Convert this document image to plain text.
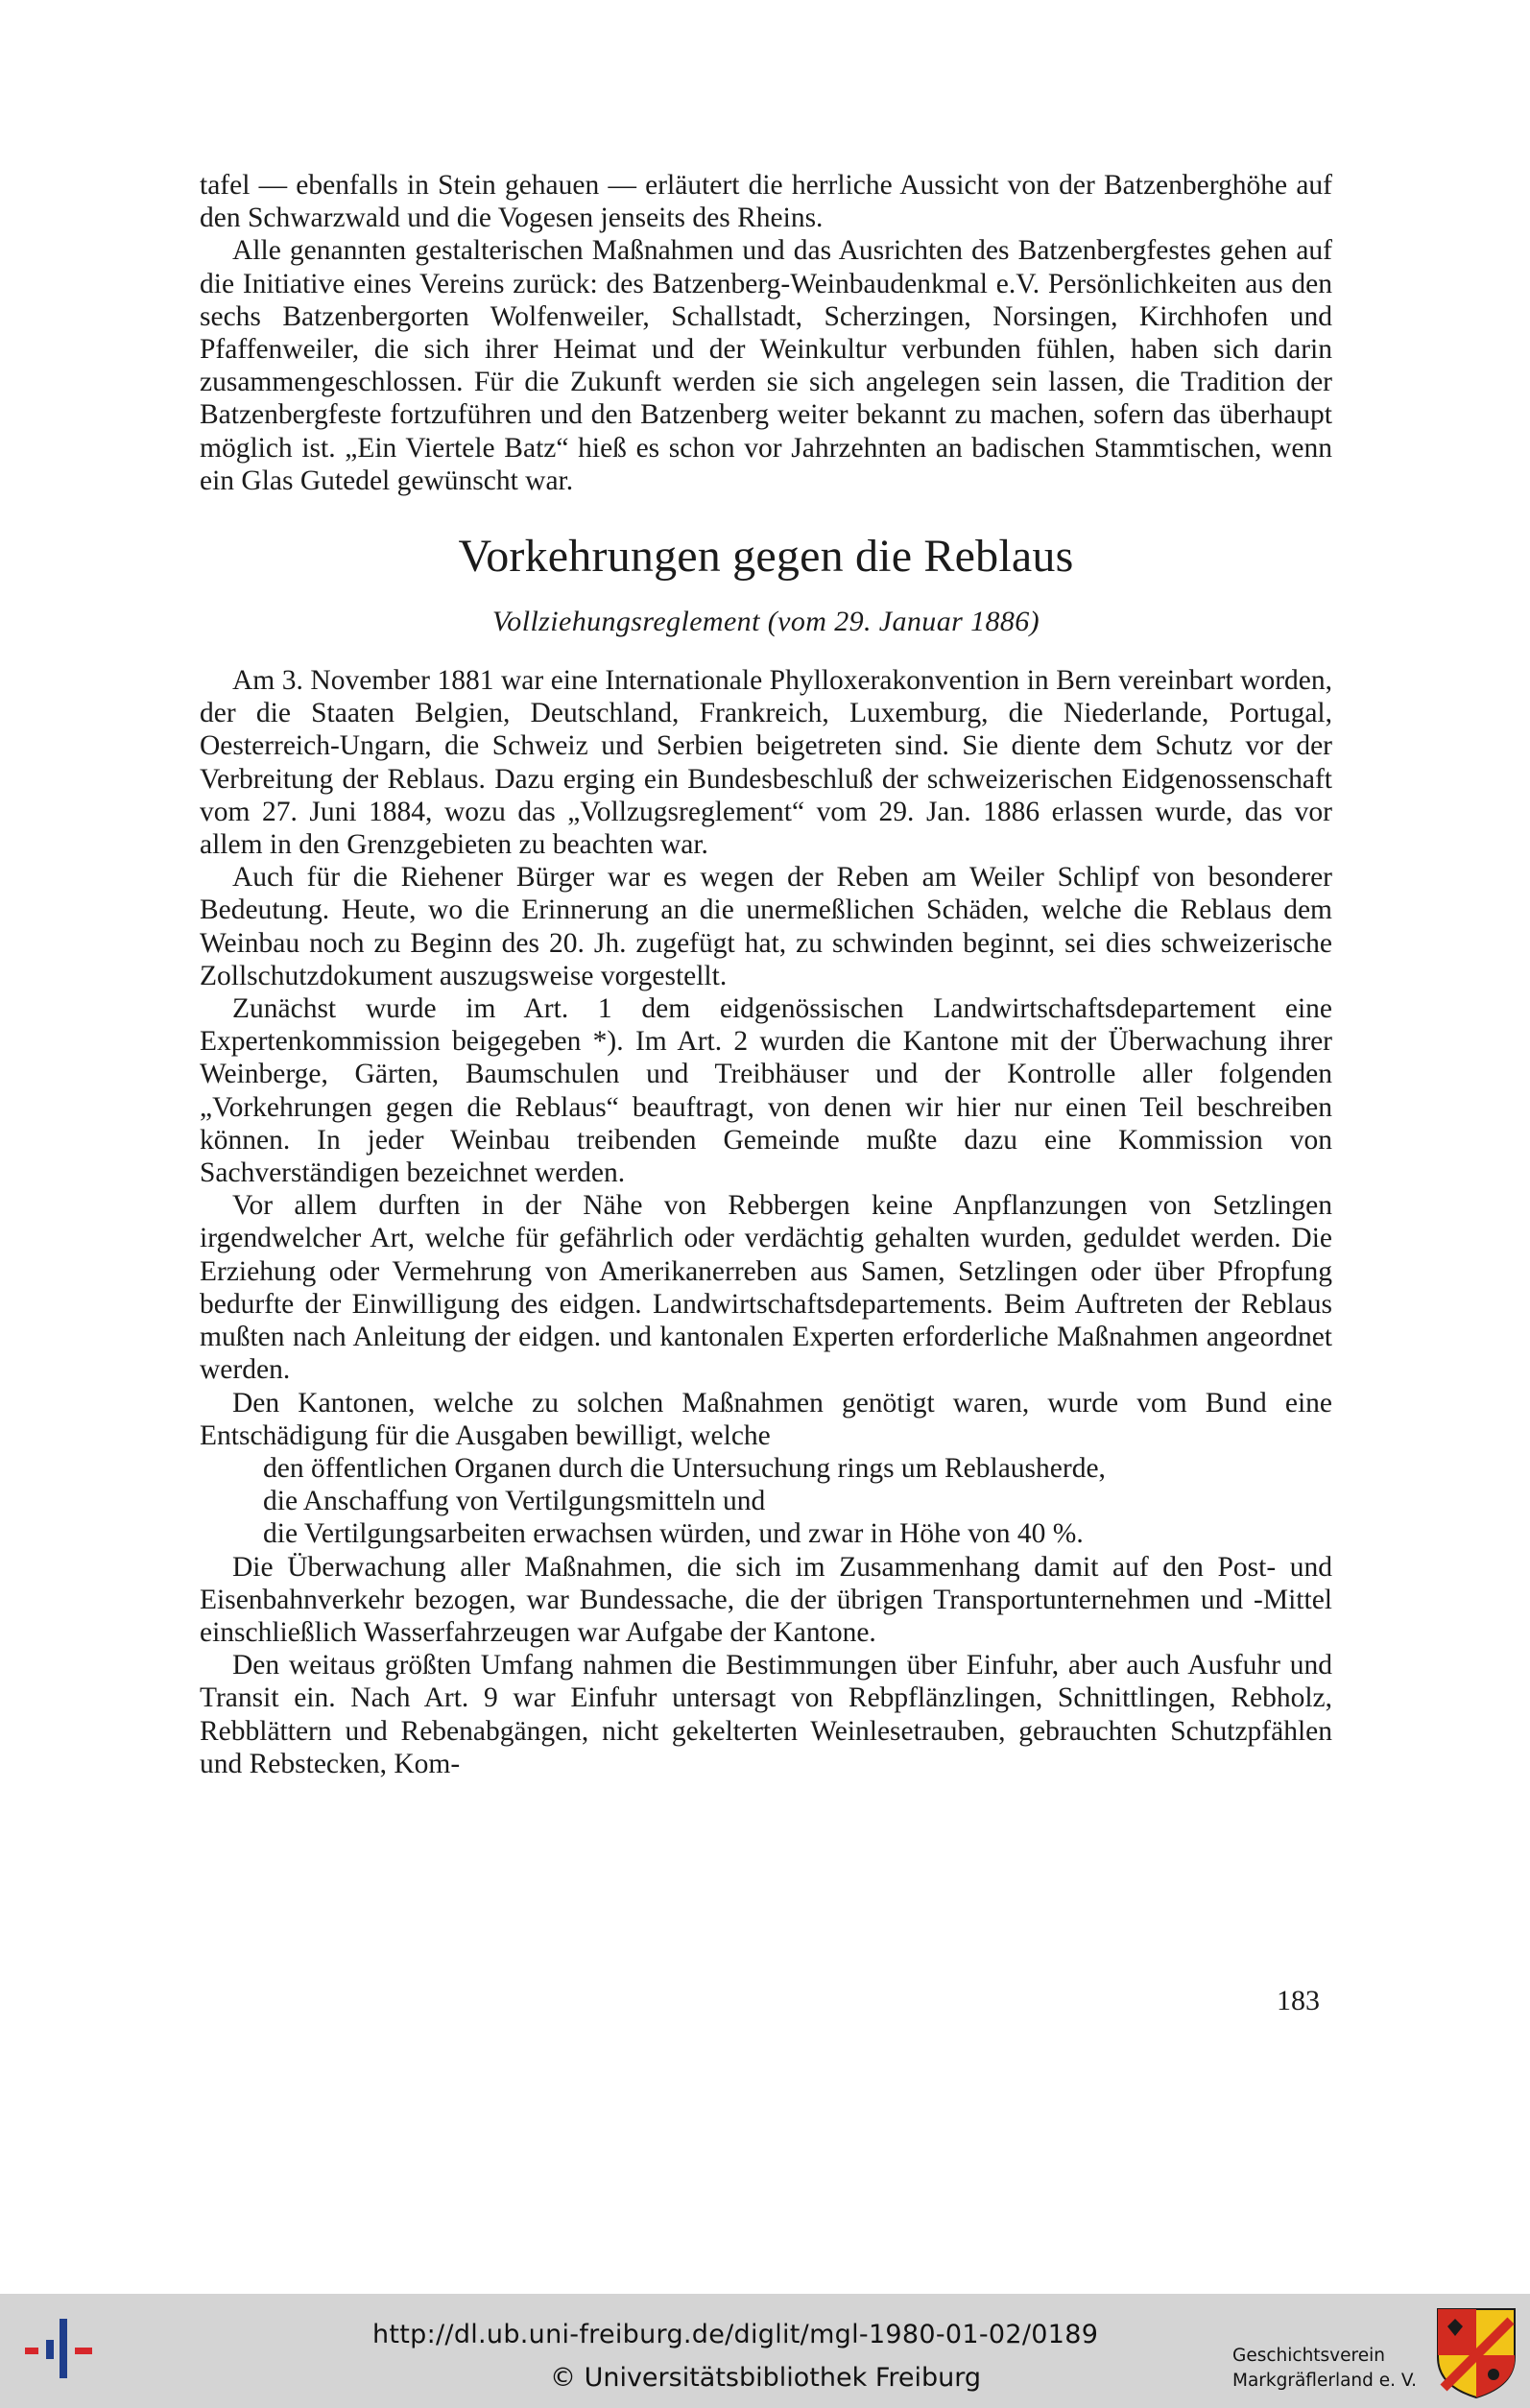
tafel — ebenfalls in Stein gehauen — erläutert die herrliche Aussicht von der Batzenberghöhe auf den Schwarzwald und die Vogesen jenseits des Rheins.

Alle genannten gestalterischen Maßnahmen und das Ausrichten des Batzenbergfestes gehen auf die Initiative eines Vereins zurück: des Batzenberg-Weinbaudenkmal e.V. Persönlichkeiten aus den sechs Batzenbergorten Wolfenweiler, Schallstadt, Scherzingen, Norsingen, Kirchhofen und Pfaffenweiler, die sich ihrer Heimat und der Weinkultur verbunden fühlen, haben sich darin zusammengeschlossen. Für die Zukunft werden sie sich angelegen sein lassen, die Tradition der Batzenbergfeste fortzuführen und den Batzenberg weiter bekannt zu machen, sofern das überhaupt möglich ist. „Ein Viertele Batz“ hieß es schon vor Jahrzehnten an badischen Stammtischen, wenn ein Glas Gutedel gewünscht war.

Vorkehrungen gegen die Reblaus
Vollziehungsreglement (vom 29. Januar 1886)

Am 3. November 1881 war eine Internationale Phylloxerakonvention in Bern vereinbart worden, der die Staaten Belgien, Deutschland, Frankreich, Luxemburg, die Niederlande, Portugal, Oesterreich-Ungarn, die Schweiz und Serbien beigetreten sind. Sie diente dem Schutz vor der Verbreitung der Reblaus. Dazu erging ein Bundesbeschluß der schweizerischen Eidgenossenschaft vom 27. Juni 1884, wozu das „Vollzugsreglement“ vom 29. Jan. 1886 erlassen wurde, das vor allem in den Grenzgebieten zu beachten war.

Auch für die Riehener Bürger war es wegen der Reben am Weiler Schlipf von besonderer Bedeutung. Heute, wo die Erinnerung an die unermeßlichen Schäden, welche die Reblaus dem Weinbau noch zu Beginn des 20. Jh. zugefügt hat, zu schwinden beginnt, sei dies schweizerische Zollschutzdokument auszugsweise vorgestellt.

Zunächst wurde im Art. 1 dem eidgenössischen Landwirtschaftsdepartement eine Expertenkommission beigegeben *). Im Art. 2 wurden die Kantone mit der Überwachung ihrer Weinberge, Gärten, Baumschulen und Treibhäuser und der Kontrolle aller folgenden „Vorkehrungen gegen die Reblaus“ beauftragt, von denen wir hier nur einen Teil beschreiben können. In jeder Weinbau treibenden Gemeinde mußte dazu eine Kommission von Sachverständigen bezeichnet werden.

Vor allem durften in der Nähe von Rebbergen keine Anpflanzungen von Setzlingen irgendwelcher Art, welche für gefährlich oder verdächtig gehalten wurden, geduldet werden. Die Erziehung oder Vermehrung von Amerikanerreben aus Samen, Setzlingen oder über Pfropfung bedurfte der Einwilligung des eidgen. Landwirtschaftsdepartements. Beim Auftreten der Reblaus mußten nach Anleitung der eidgen. und kantonalen Experten erforderliche Maßnahmen angeordnet werden.

Den Kantonen, welche zu solchen Maßnahmen genötigt waren, wurde vom Bund eine Entschädigung für die Ausgaben bewilligt, welche

den öffentlichen Organen durch die Untersuchung rings um Reblausherde,
die Anschaffung von Vertilgungsmitteln und
die Vertilgungsarbeiten erwachsen würden, und zwar in Höhe von 40 %.

Die Überwachung aller Maßnahmen, die sich im Zusammenhang damit auf den Post- und Eisenbahnverkehr bezogen, war Bundessache, die der übrigen Transportunternehmen und -Mittel einschließlich Wasserfahrzeugen war Aufgabe der Kantone.

Den weitaus größten Umfang nahmen die Bestimmungen über Einfuhr, aber auch Ausfuhr und Transit ein. Nach Art. 9 war Einfuhr untersagt von Rebpflänzlingen, Schnittlingen, Rebholz, Rebblättern und Rebenabgängen, nicht gekelterten Weinlesetrauben, gebrauchten Schutzpfählen und Rebstecken, Kom-

183
http://dl.ub.uni-freiburg.de/diglit/mgl-1980-01-02/0189
© Universitätsbibliothek Freiburg
Geschichtsverein
Markgräflerland e. V.
